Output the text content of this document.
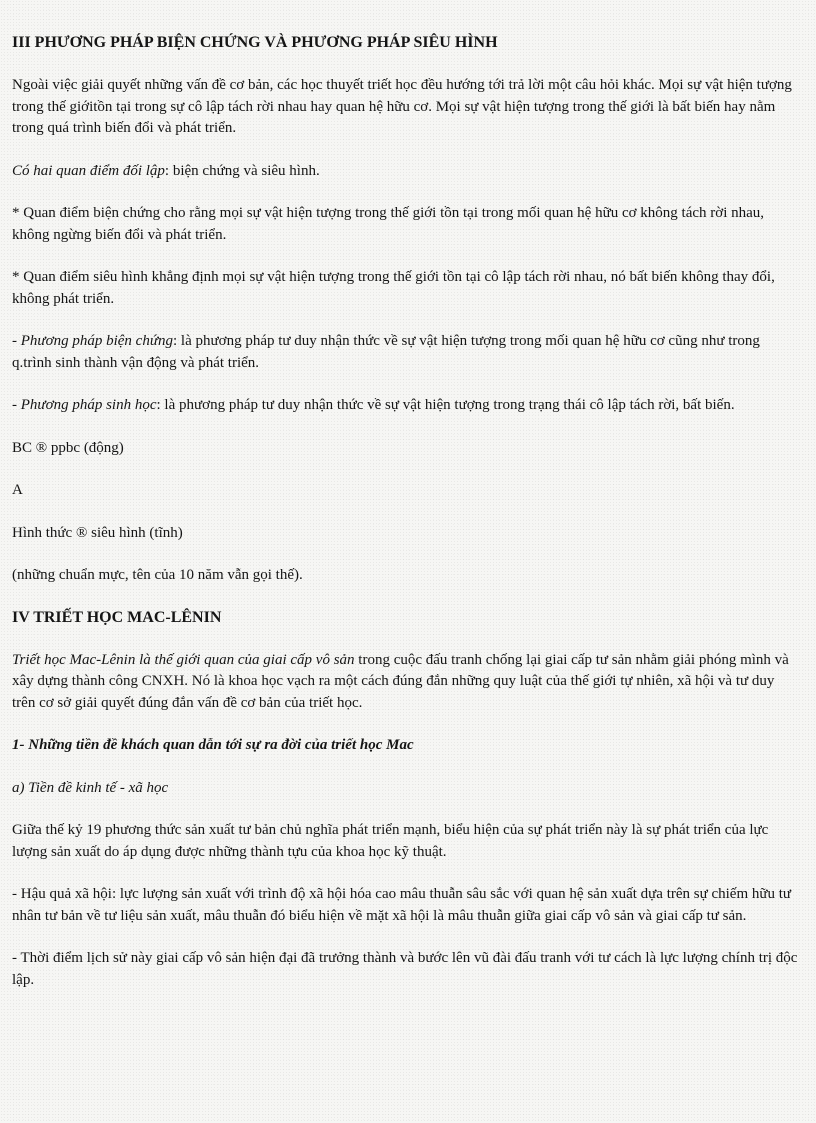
III PHƯƠNG PHÁP BIỆN CHỨNG VÀ PHƯƠNG PHÁP SIÊU HÌNH

Ngoài việc giải quyết những vấn đề cơ bản, các học thuyết triết học đều hướng tới trả lời một câu hỏi khác. Mọi sự vật hiện tượng trong thế giớitồn tại trong sự cô lập tách rời nhau hay quan hệ hữu cơ. Mọi sự vật hiện tượng trong thế giới là bất biến hay nằm trong quá trình biến đổi và phát triển.

Có hai quan điểm đối lập: biện chứng và siêu hình.

* Quan điểm biện chứng cho rằng mọi sự vật hiện tượng trong thế giới tồn tại trong mối quan hệ hữu cơ không tách rời nhau, không ngừng biến đổi và phát triển.

* Quan điểm siêu hình khẳng định mọi sự vật hiện tượng trong thế giới tồn tại cô lập tách rời nhau, nó bất biến không thay đổi, không phát triển.

- Phương pháp biện chứng: là phương pháp tư duy nhận thức về sự vật hiện tượng trong mối quan hệ hữu cơ cũng như trong q.trình sinh thành vận động và phát triển.

- Phương pháp sinh học: là phương pháp tư duy nhận thức về sự vật hiện tượng trong trạng thái cô lập tách rời, bất biến.

BC ® ppbc (động)

A

Hình thức ® siêu hình (tĩnh)

(những chuẩn mực, tên của 10 năm vẫn gọi thế).

IV TRIẾT HỌC MAC-LÊNIN

Triết học Mac-Lênin là thế giới quan của giai cấp vô sản trong cuộc đấu tranh chống lại giai cấp tư sản nhằm giải phóng mình và xây dựng thành công CNXH. Nó là khoa học vạch ra một cách đúng đắn những quy luật của thế giới tự nhiên, xã hội và tư duy trên cơ sở giải quyết đúng đắn vấn đề cơ bản của triết học.

1- Những tiền đề khách quan dẫn tới sự ra đời của triết học Mac

a) Tiền đề kinh tế - xã học

Giữa thế kỷ 19 phương thức sản xuất tư bản chủ nghĩa phát triển mạnh, biểu hiện của sự phát triển này là sự phát triển của lực lượng sản xuất do áp dụng được những thành tựu của khoa học kỹ thuật.

- Hậu quả xã hội: lực lượng sản xuất với trình độ xã hội hóa cao mâu thuẫn sâu sắc với quan hệ sản xuất dựa trên sự chiếm hữu tư nhân tư bản về tư liệu sản xuất, mâu thuẫn đó biểu hiện về mặt xã hội là mâu thuẫn giữa giai cấp vô sản và giai cấp tư sản.

- Thời điểm lịch sử này giai cấp vô sản hiện đại đã trưởng thành và bước lên vũ đài đấu tranh với tư cách là lực lượng chính trị độc lập.
